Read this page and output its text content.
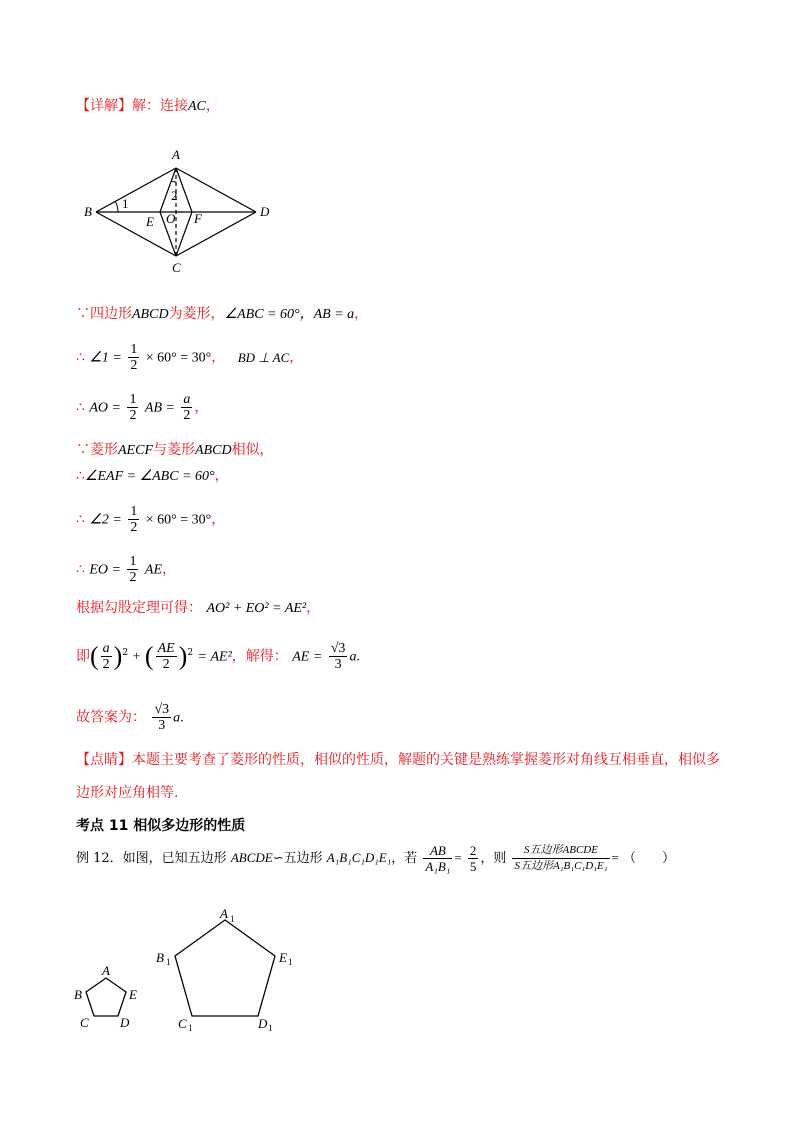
【详解】解：连接AC，
A
B
C
D
E O F
1
2
∵四边形ABCD为菱形，∠ABC = 60°，AB = a，
∴ ∠1 = $\frac{1}{2} \times 60^\circ = 30^\circ$， BD ⊥ AC，
∴ AO = $\frac{1}{2}$ AB = $\frac{a}{2}$ ，
∵菱形AECF与菱形ABCD相似，
∴∠EAF = ∠ABC = 60°，
∴ ∠2 = $\frac{1}{2} \times 60^\circ = 30^\circ$，
∴ EO = $\frac{1}{2}$ AE，
根据勾股定理可得： AO² + EO² = AE²，
即( $\frac{a}{2} )^2$ + ( $\frac{AE}{2} )^2 = AE^2$，解得： AE = $\frac{√3}{3} a$.
故答案为： $\frac{√3}{3} a$.
【点睛】本题主要考查了菱形的性质，相似的性质，解题的关键是熟练掌握菱形对角线互相垂直，相似多
边形对应角相等.
考点 11 相似多边形的性质
例 12．如图，已知五边形 ABCDE∽五边形 A₁B₁C₁D₁E₁，若 $\frac{AB}{\text{A₁B₁}} = \frac{2}{5}$ ，则 $\frac{\text{S五边形ABCDE}}{\text{S五边形A₁B₁C₁D₁E₁}}$ = （　　）
A
B
C D
E
A
B
C	D
E
1
1
1	1
1
